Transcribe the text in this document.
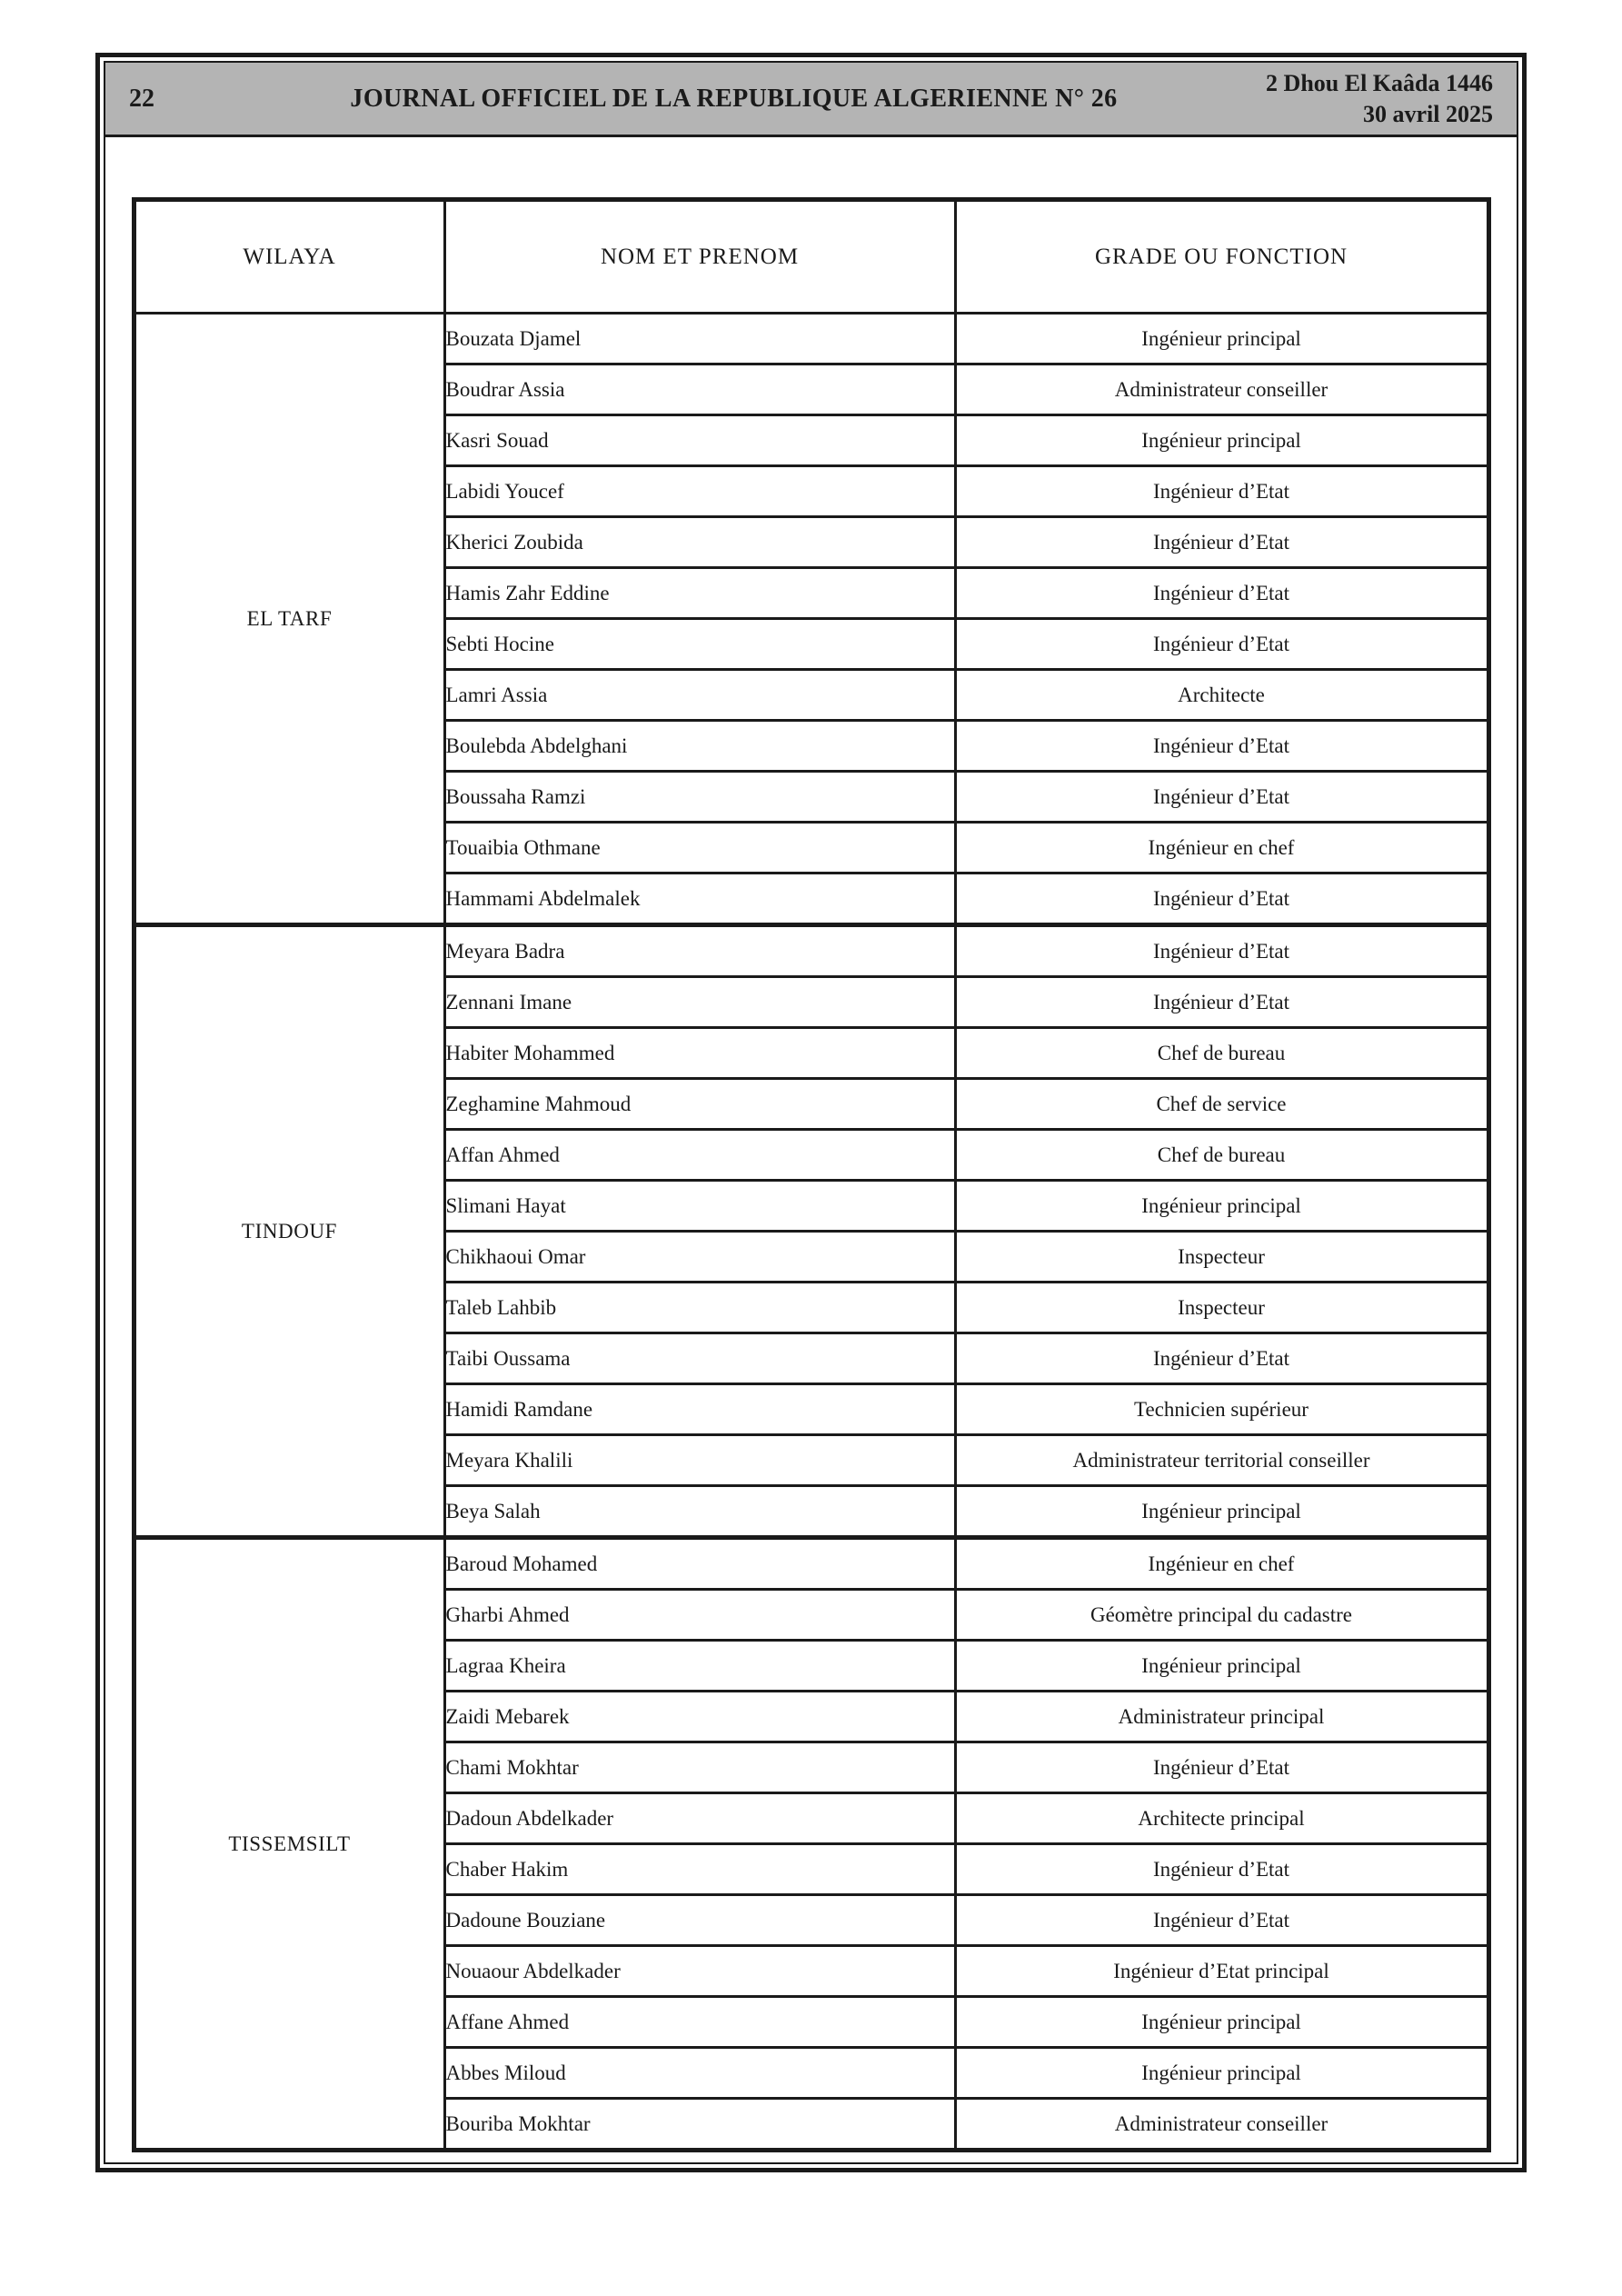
22	JOURNAL OFFICIEL DE LA REPUBLIQUE ALGERIENNE N° 26
2 Dhou El Kaâda 1446
30 avril 2025
WILAYA	NOM ET PRENOM	GRADE OU FONCTION
EL TARF	Bouzata Djamel	Ingénieur principal
	Boudrar Assia	Administrateur conseiller
	Kasri Souad	Ingénieur principal
	Labidi Youcef	Ingénieur d’Etat
	Kherici Zoubida	Ingénieur d’Etat
	Hamis Zahr Eddine	Ingénieur d’Etat
	Sebti Hocine	Ingénieur d’Etat
	Lamri Assia	Architecte
	Boulebda Abdelghani	Ingénieur d’Etat
	Boussaha Ramzi	Ingénieur d’Etat
	Touaibia Othmane	Ingénieur en chef
	Hammami Abdelmalek	Ingénieur d’Etat
TINDOUF	Meyara Badra	Ingénieur d’Etat
	Zennani Imane	Ingénieur d’Etat
	Habiter Mohammed	Chef de bureau
	Zeghamine Mahmoud	Chef de service
	Affan Ahmed	Chef de bureau
	Slimani Hayat	Ingénieur principal
	Chikhaoui Omar	Inspecteur
	Taleb Lahbib	Inspecteur
	Taibi Oussama	Ingénieur d’Etat
	Hamidi Ramdane	Technicien supérieur
	Meyara Khalili	Administrateur territorial conseiller
	Beya Salah	Ingénieur principal
TISSEMSILT	Baroud Mohamed	Ingénieur en chef
	Gharbi Ahmed	Géomètre principal du cadastre
	Lagraa Kheira	Ingénieur principal
	Zaidi Mebarek	Administrateur principal
	Chami Mokhtar	Ingénieur d’Etat
	Dadoun Abdelkader	Architecte principal
	Chaber Hakim	Ingénieur d’Etat
	Dadoune Bouziane	Ingénieur d’Etat
	Nouaour Abdelkader	Ingénieur d’Etat principal
	Affane Ahmed	Ingénieur principal
	Abbes Miloud	Ingénieur principal
	Bouriba Mokhtar	Administrateur conseiller
